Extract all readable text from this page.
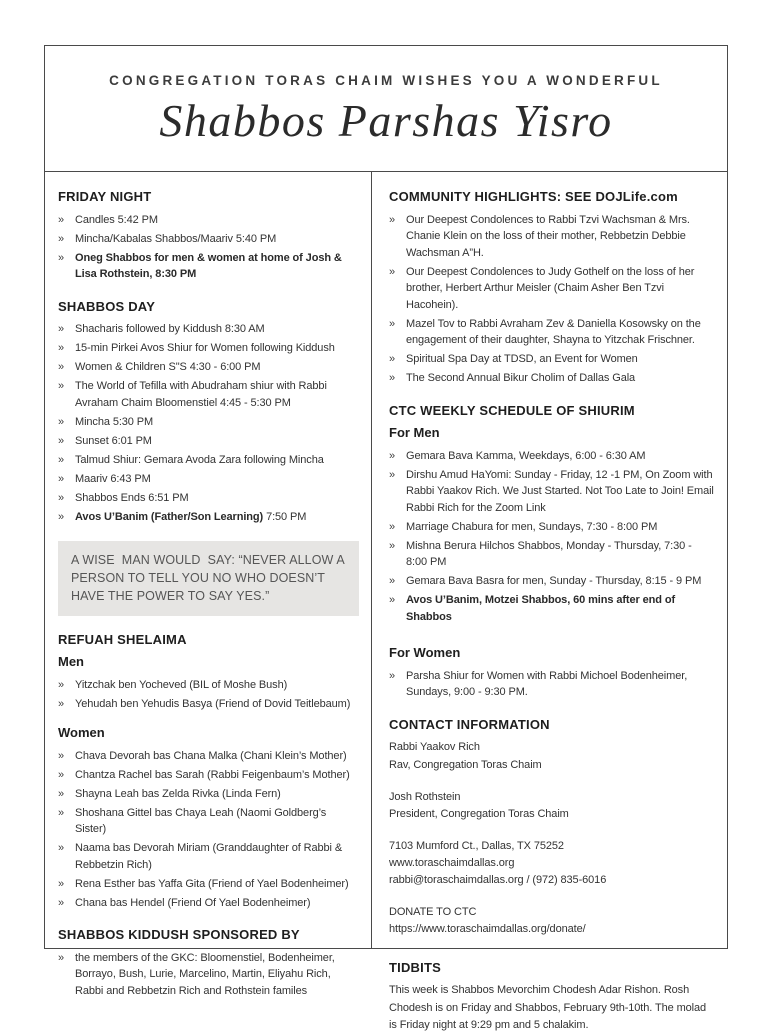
CONGREGATION TORAS CHAIM WISHES YOU A WONDERFUL
Shabbos Parshas Yisro
FRIDAY NIGHT
» Candles 5:42 PM
» Mincha/Kabalas Shabbos/Maariv 5:40 PM
» Oneg Shabbos for men & women at home of Josh & Lisa Rothstein, 8:30 PM
SHABBOS DAY
» Shacharis followed by Kiddush 8:30 AM
» 15-min Pirkei Avos Shiur for Women following Kiddush
» Women & Children S"S 4:30 - 6:00 PM
» The World of Tefilla with Abudraham shiur with Rabbi Avraham Chaim Bloomenstiel 4:45 - 5:30 PM
» Mincha 5:30 PM
» Sunset 6:01 PM
» Talmud Shiur: Gemara Avoda Zara following Mincha
» Maariv 6:43 PM
» Shabbos Ends 6:51 PM
» Avos U’Banim (Father/Son Learning) 7:50 PM
A WISE  MAN WOULD  SAY: “NEVER ALLOW A PERSON TO TELL YOU NO WHO DOESN’T HAVE THE POWER TO SAY YES.”
REFUAH SHELAIMA
Men
» Yitzchak ben Yocheved (BIL of Moshe Bush)
» Yehudah ben Yehudis Basya (Friend of Dovid Teitlebaum)
Women
» Chava Devorah bas Chana Malka (Chani Klein’s Mother)
» Chantza Rachel bas Sarah (Rabbi Feigenbaum’s Mother)
» Shayna Leah bas Zelda Rivka (Linda Fern)
» Shoshana Gittel bas Chaya Leah (Naomi Goldberg’s Sister)
» Naama bas Devorah Miriam (Granddaughter of Rabbi & Rebbetzin Rich)
» Rena Esther bas Yaffa Gita (Friend of Yael Bodenheimer)
» Chana bas Hendel (Friend Of Yael Bodenheimer)
SHABBOS KIDDUSH SPONSORED BY
» the members of the GKC: Bloomenstiel, Bodenheimer, Borrayo, Bush, Lurie, Marcelino, Martin, Eliyahu Rich, Rabbi and Rebbetzin Rich and Rothstein familes
COMMUNITY HIGHLIGHTS: SEE DOJLife.com
» Our Deepest Condolences to Rabbi Tzvi Wachsman & Mrs. Chanie Klein on the loss of their mother, Rebbetzin Debbie Wachsman A”H.
» Our Deepest Condolences to Judy Gothelf on the loss of her brother, Herbert Arthur Meisler (Chaim Asher Ben Tzvi Hacohein).
» Mazel Tov to Rabbi Avraham Zev & Daniella Kosowsky on the engagement of their daughter, Shayna to Yitzchak Frischner.
» Spiritual Spa Day at TDSD, an Event for Women
» The Second Annual Bikur Cholim of Dallas Gala
CTC WEEKLY SCHEDULE OF SHIURIM
For Men
» Gemara Bava Kamma, Weekdays, 6:00 - 6:30 AM
» Dirshu Amud HaYomi: Sunday - Friday, 12 -1 PM, On Zoom with Rabbi Yaakov Rich. We Just Started. Not Too Late to Join! Email Rabbi Rich for the Zoom Link
» Marriage Chabura for men, Sundays, 7:30 - 8:00 PM
» Mishna Berura Hilchos Shabbos, Monday - Thursday, 7:30 - 8:00 PM
» Gemara Bava Basra for men, Sunday - Thursday, 8:15 - 9 PM
» Avos U’Banim, Motzei Shabbos, 60 mins after end of Shabbos
For Women
» Parsha Shiur for Women with Rabbi Michoel Bodenheimer, Sundays, 9:00 - 9:30 PM.
CONTACT INFORMATION

Rabbi Yaakov Rich

Rav, Congregation Toras Chaim

Josh Rothstein

President, Congregation Toras Chaim

7103 Mumford Ct., Dallas, TX 75252

www.toraschaimdallas.org

rabbi@toraschaimdallas.org / (972) 835-6016

DONATE TO CTC

https://www.toraschaimdallas.org/donate/

TIDBITS

This week is Shabbos Mevorchim Chodesh Adar Rishon. Rosh Chodesh is on Friday and Shabbos, February 9th-10th. The molad is Friday night at 9:29 pm and 5 chalakim.
